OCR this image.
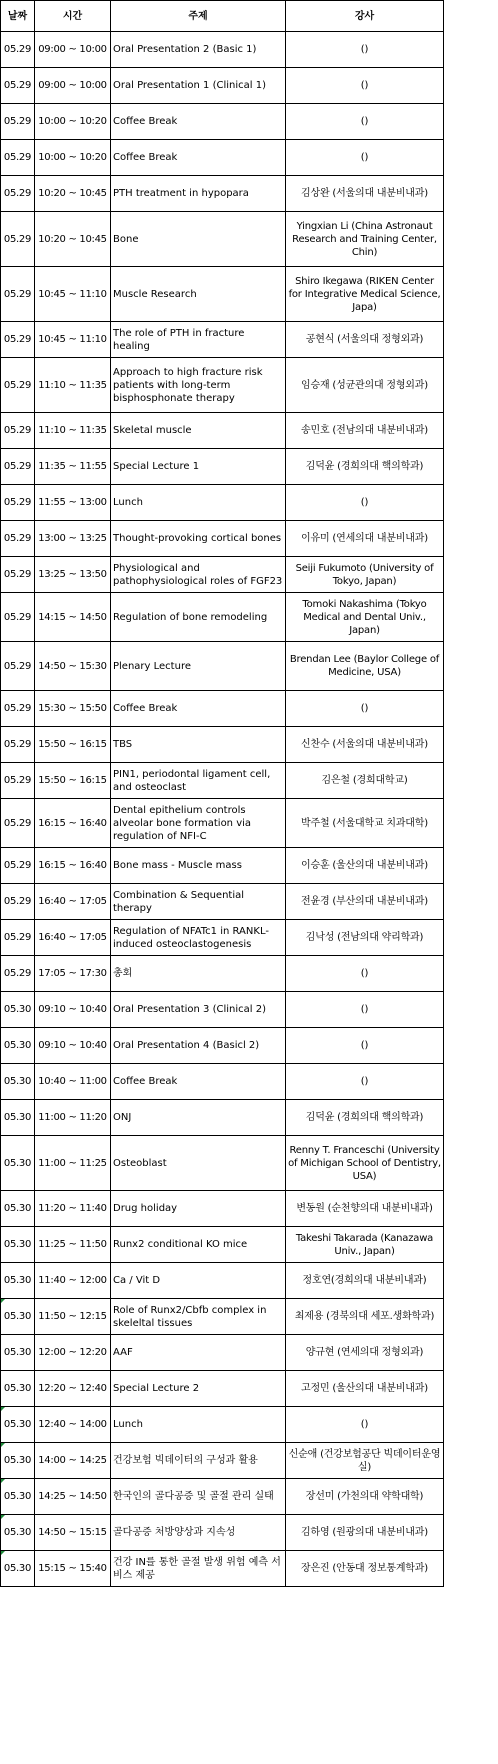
날짜	시간	주제	강사
05.29	09:00 ~ 10:00	Oral Presentation 2 (Basic 1)	()
05.29	09:00 ~ 10:00	Oral Presentation 1 (Clinical 1)	()
05.29	10:00 ~ 10:20	Coffee Break	()
05.29	10:00 ~ 10:20	Coffee Break	()
05.29	10:20 ~ 10:45	PTH treatment in hypopara	김상완 (서울의대 내분비내과)
05.29	10:20 ~ 10:45	Bone	Yingxian Li (China Astronaut Research and Training Center, Chin)
05.29	10:45 ~ 11:10	Muscle Research	Shiro Ikegawa (RIKEN Center for Integrative Medical Science, Japa)
05.29	10:45 ~ 11:10	The role of PTH in fracture healing	공현식 (서울의대 정형외과)
05.29	11:10 ~ 11:35	Approach to high fracture risk patients with long-term bisphosphonate therapy	임승재 (성균관의대 정형외과)
05.29	11:10 ~ 11:35	Skeletal muscle	송민호 (전남의대 내분비내과)
05.29	11:35 ~ 11:55	Special Lecture 1	김덕윤 (경희의대 핵의학과)
05.29	11:55 ~ 13:00	Lunch	()
05.29	13:00 ~ 13:25	Thought-provoking cortical bones	이유미 (연세의대 내분비내과)
05.29	13:25 ~ 13:50	Physiological and pathophysiological roles of FGF23	Seiji Fukumoto (University of Tokyo, Japan)
05.29	14:15 ~ 14:50	Regulation of bone remodeling	Tomoki Nakashima (Tokyo Medical and Dental Univ., Japan)
05.29	14:50 ~ 15:30	Plenary Lecture	Brendan Lee (Baylor College of Medicine, USA)
05.29	15:30 ~ 15:50	Coffee Break	()
05.29	15:50 ~ 16:15	TBS	신찬수 (서울의대 내분비내과)
05.29	15:50 ~ 16:15	PIN1, periodontal ligament cell, and osteoclast	김은철 (경희대학교)
05.29	16:15 ~ 16:40	Dental epithelium controls alveolar bone formation via regulation of NFI-C	박주철 (서울대학교 치과대학)
05.29	16:15 ~ 16:40	Bone mass - Muscle mass	이승훈 (울산의대 내분비내과)
05.29	16:40 ~ 17:05	Combination & Sequential therapy	전윤경 (부산의대 내분비내과)
05.29	16:40 ~ 17:05	Regulation of NFATc1 in RANKL-induced osteoclastogenesis	김낙성 (전남의대 약리학과)
05.29	17:05 ~ 17:30	총회	()
05.30	09:10 ~ 10:40	Oral Presentation 3 (Clinical 2)	()
05.30	09:10 ~ 10:40	Oral Presentation 4 (Basicl 2)	()
05.30	10:40 ~ 11:00	Coffee Break	()
05.30	11:00 ~ 11:20	ONJ	김덕윤 (경희의대 핵의학과)
05.30	11:00 ~ 11:25	Osteoblast	Renny T. Franceschi (University of Michigan School of Dentistry, USA)
05.30	11:20 ~ 11:40	Drug holiday	변동원 (순천향의대 내분비내과)
05.30	11:25 ~ 11:50	Runx2 conditional KO mice	Takeshi Takarada (Kanazawa Univ., Japan)
05.30	11:40 ~ 12:00	Ca / Vit D	정호연(경희의대 내분비내과)
05.30	11:50 ~ 12:15	Role of Runx2/Cbfb complex in skeleltal tissues	최제용 (경북의대 세포.생화학과)
05.30	12:00 ~ 12:20	AAF	양규현 (연세의대 정형외과)
05.30	12:20 ~ 12:40	Special Lecture 2	고정민 (울산의대 내분비내과)
05.30	12:40 ~ 14:00	Lunch	()
05.30	14:00 ~ 14:25	건강보험 빅데이터의 구성과 활용	신순애 (건강보험공단 빅데이터운영실)
05.30	14:25 ~ 14:50	한국인의 골다공증 및 골절 관리 실태	장선미 (가천의대 약학대학)
05.30	14:50 ~ 15:15	골다공증 처방양상과 지속성	김하영 (원광의대 내분비내과)
05.30	15:15 ~ 15:40	건강 IN를 통한 골절 발생 위험 예측 서비스 제공	장은진 (안동대 정보통계학과)
